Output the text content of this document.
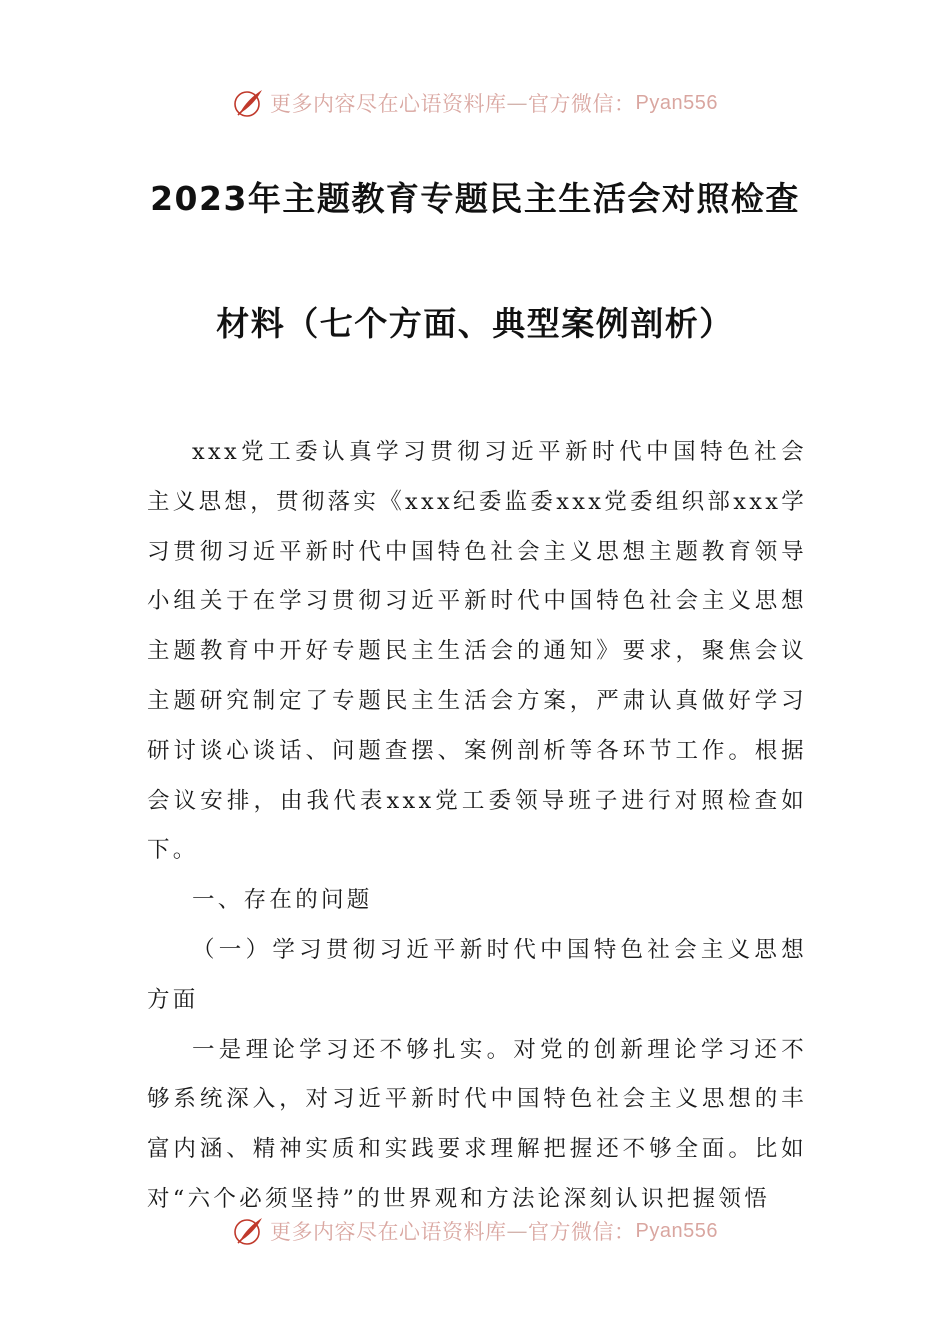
更多内容尽在心语资料库 — 官方微信： Pyan556
2023年主题教育专题民主生活会对照检查
材料（七个方面、典型案例剖析）

xxx党工委认真学习贯彻习近平新时代中国特色社会主义思想，贯彻落实《xxx纪委监委xxx党委组织部xxx学习贯彻习近平新时代中国特色社会主义思想主题教育领导小组关于在学习贯彻习近平新时代中国特色社会主义思想主题教育中开好专题民主生活会的通知》要求，聚焦会议主题研究制定了专题民主生活会方案，严肃认真做好学习研讨谈心谈话、问题查摆、案例剖析等各环节工作。根据会议安排，由我代表xxx党工委领导班子进行对照检查如下。

一、存在的问题

（一）学习贯彻习近平新时代中国特色社会主义思想方面

一是理论学习还不够扎实。对党的创新理论学习还不够系统深入，对习近平新时代中国特色社会主义思想的丰富内涵、精神实质和实践要求理解把握还不够全面。比如对“六个必须坚持”的世界观和方法论深刻认识把握领悟

更多内容尽在心语资料库 — 官方微信： Pyan556
